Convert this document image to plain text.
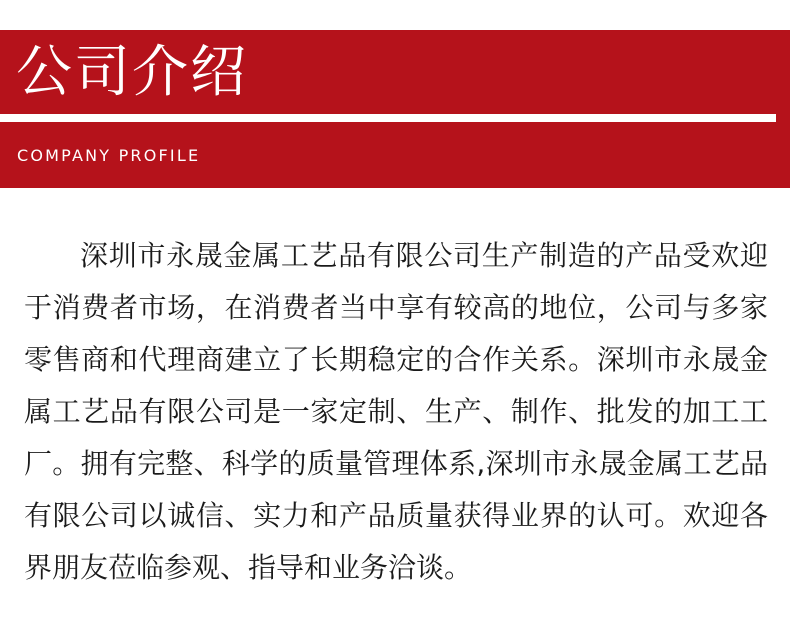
公司介绍
COMPANY PROFILE

深圳市永晟金属工艺品有限公司生产制造的产品受欢迎于消费者市场，在消费者当中享有较高的地位，公司与多家零售商和代理商建立了长期稳定的合作关系。深圳市永晟金属工艺品有限公司是一家定制、生产、制作、批发的加工工厂。拥有完整、科学的质量管理体系,深圳市永晟金属工艺品有限公司以诚信、实力和产品质量获得业界的认可。欢迎各界朋友莅临参观、指导和业务洽谈。
